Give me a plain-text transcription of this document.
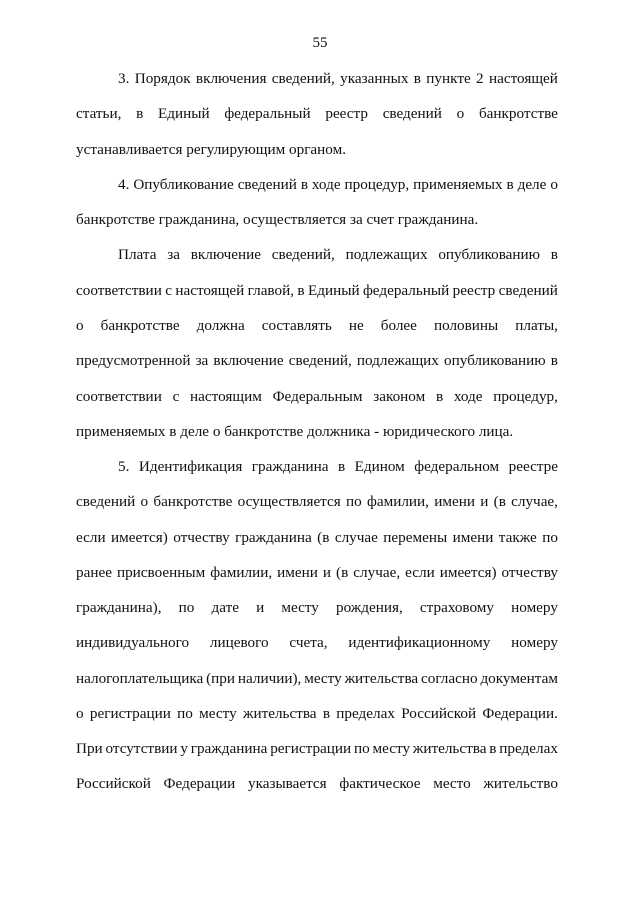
55
3. Порядок включения сведений, указанных в пункте 2 настоящей
статьи, в Единый федеральный реестр сведений о банкротстве
устанавливается регулирующим органом.
4. Опубликование сведений в ходе процедур, применяемых в деле о
банкротстве гражданина, осуществляется за счет гражданина.
Плата за включение сведений, подлежащих опубликованию в
соответствии с настоящей главой, в Единый федеральный реестр сведений
о банкротстве должна составлять не более половины платы,
предусмотренной за включение сведений, подлежащих опубликованию в
соответствии с настоящим Федеральным законом в ходе процедур,
применяемых в деле о банкротстве должника - юридического лица.
5. Идентификация гражданина в Едином федеральном реестре
сведений о банкротстве осуществляется по фамилии, имени и (в случае,
если имеется) отчеству гражданина (в случае перемены имени также по
ранее присвоенным фамилии, имени и (в случае, если имеется) отчеству
гражданина), по дате и месту рождения, страховому номеру
индивидуального лицевого счета, идентификационному номеру
налогоплательщика (при наличии), месту жительства согласно документам
о регистрации по месту жительства в пределах Российской Федерации.
При отсутствии у гражданина регистрации по месту жительства в пределах
Российской Федерации указывается фактическое место жительство
